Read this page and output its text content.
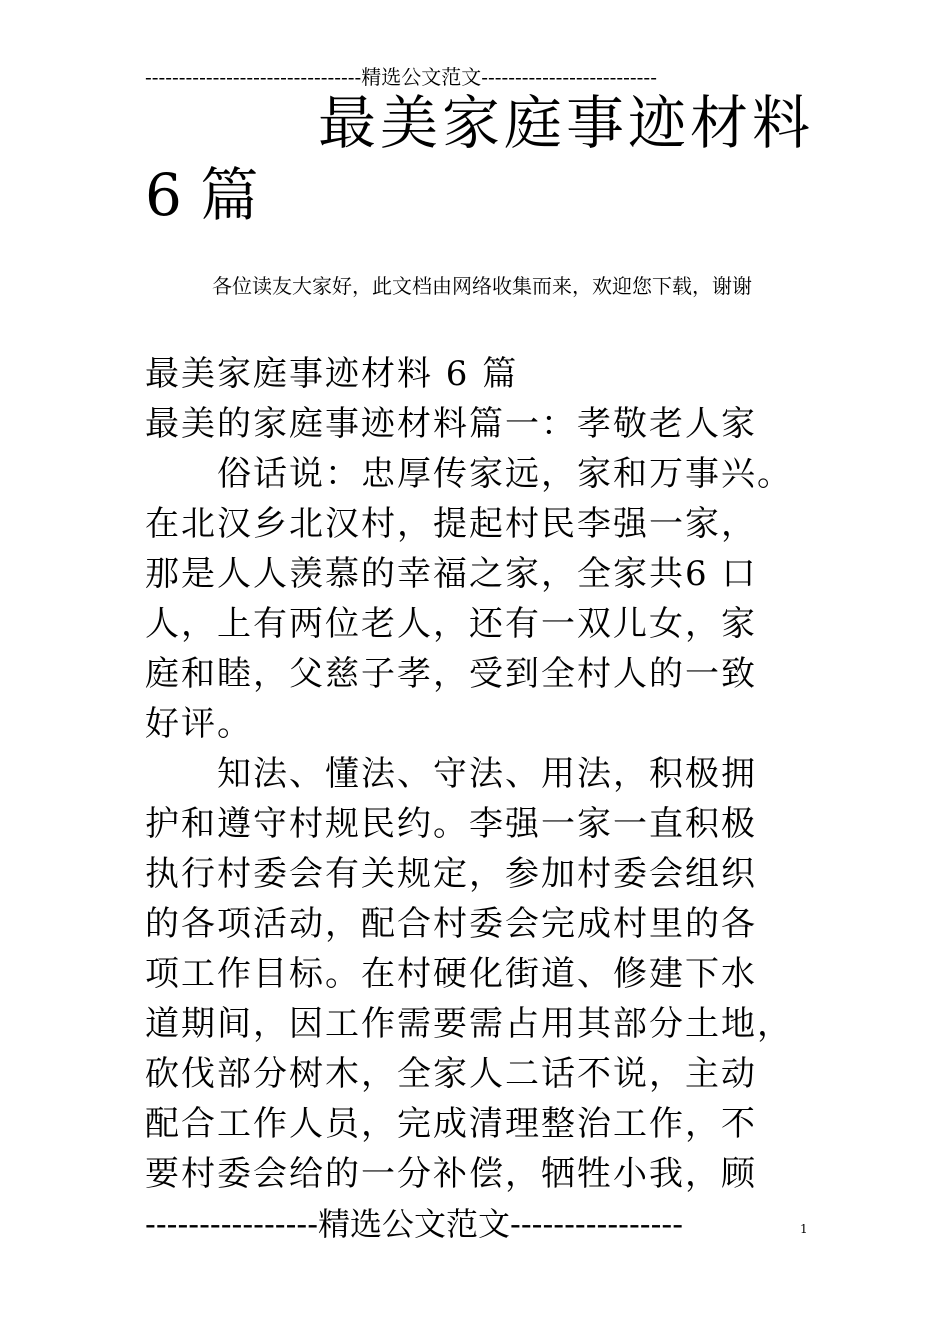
--------------------------------精选公文范文--------------------------
最美家庭事迹材料
6 篇
各位读友大家好，此文档由网络收集而来，欢迎您下载，谢谢
最美家庭事迹材料 6 篇
最美的家庭事迹材料篇一：孝敬老人家
　　俗话说：忠厚传家远，家和万事兴。
在北汉乡北汉村，提起村民李强一家，
那是人人羡慕的幸福之家，全家共6 口
人，上有两位老人，还有一双儿女，家
庭和睦，父慈子孝，受到全村人的一致
好评。
　　知法、懂法、守法、用法，积极拥
护和遵守村规民约。李强一家一直积极
执行村委会有关规定，参加村委会组织
的各项活动，配合村委会完成村里的各
项工作目标。在村硬化街道、修建下水
道期间，因工作需要需占用其部分土地，
砍伐部分树木，全家人二话不说，主动
配合工作人员，完成清理整治工作，不
要村委会给的一分补偿，牺牲小我，顾
----------------精选公文范文----------------	1
